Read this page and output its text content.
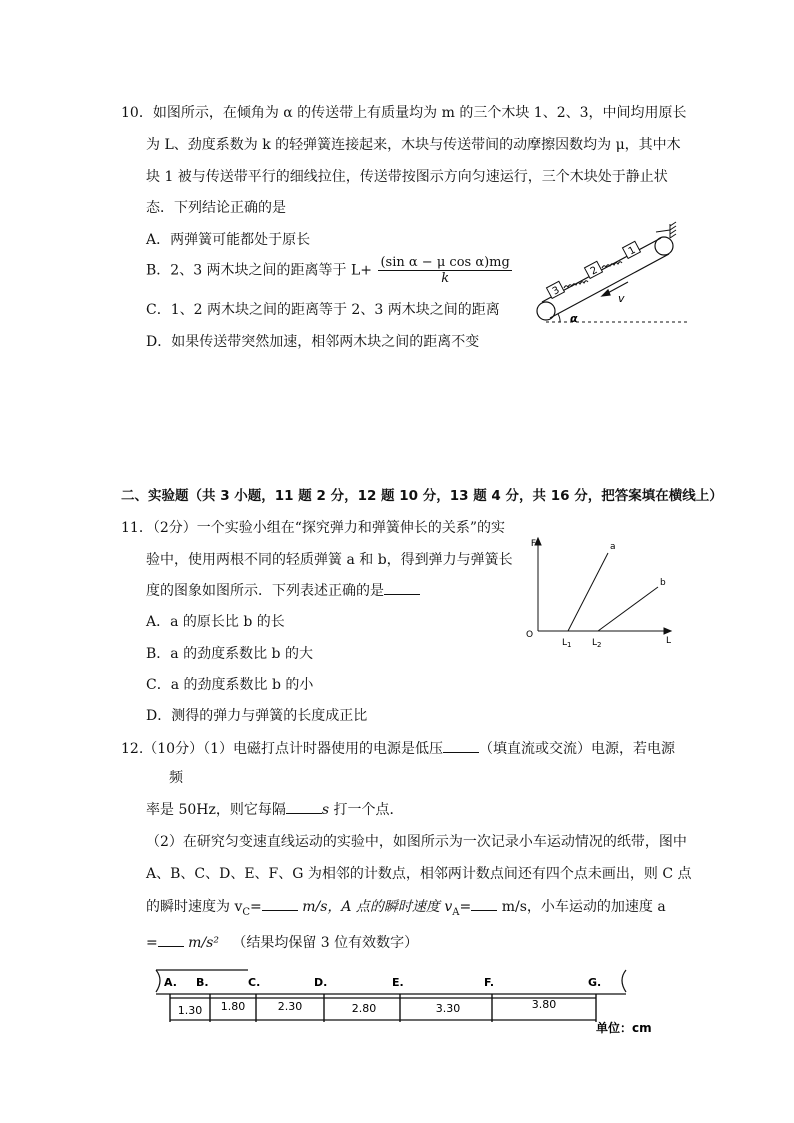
10．如图所示，在倾角为 α 的传送带上有质量均为 m 的三个木块 1、2、3，中间均用原长
为 L、劲度系数为 k 的轻弹簧连接起来，木块与传送带间的动摩擦因数均为 μ，其中木
块 1 被与传送带平行的细线拉住，传送带按图示方向匀速运行，三个木块处于静止状
态．下列结论正确的是
A．两弹簧可能都处于原长
B．2、3 两木块之间的距离等于 $L+ \frac{\text{(sin α − μ cos α)mg}}{k}$
C．1、2 两木块之间的距离等于 2、3 两木块之间的距离
D．如果传送带突然加速，相邻两木块之间的距离不变
3
2
1
v
α
二、实验题（共 3 小题，11 题 2 分，12 题 10 分，13 题 4 分，共 16 分，把答案填在横线上）
11．（2分）一个实验小组在“探究弹力和弹簧伸长的关系”的实
验中，使用两根不同的轻质弹簧 a 和 b，得到弹力与弹簧长
度的图象如图所示．下列表述正确的是
A．a 的原长比 b 的长
B．a 的劲度系数比 b 的大
C．a 的劲度系数比 b 的小
D．测得的弹力与弹簧的长度成正比
F
L
O
a
b
$L_1$ $L_2$
12.（10分）（1）电磁打点计时器使用的电源是低压	（填直流或交流）电源，若电源
频
率是 50Hz，则它每隔	s 打一个点．
（2）在研究匀变速直线运动的实验中，如图所示为一次记录小车运动情况的纸带，图中
A、B、C、D、E、F、G 为相邻的计数点，相邻两计数点间还有四个点未画出，则 C 点
的瞬时速度为 $v_C=$	m/s，A 点的瞬时速度 $v_A= m/s$，小车运动的加速度 a
= m/s² （结果均保留 3 位有效数字）
A. B.	C.	D.	E.	F.	G.
1.30 1.80	2.30	2.80	3.30	3.80
单位：cm
